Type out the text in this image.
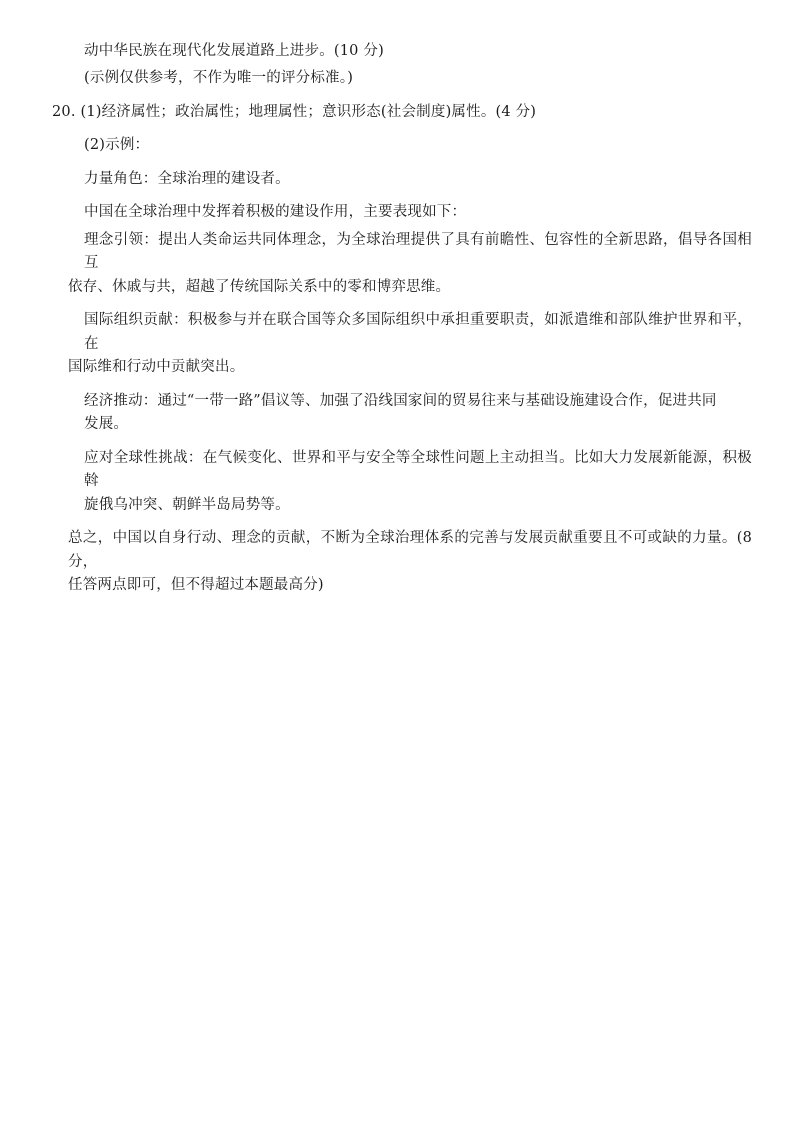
动中华民族在现代化发展道路上进步。(10 分)
(示例仅供参考，不作为唯一的评分标准。)
20. (1)经济属性；政治属性；地理属性；意识形态(社会制度)属性。(4 分)
(2)示例：
力量角色：全球治理的建设者。
中国在全球治理中发挥着积极的建设作用，主要表现如下：
理念引领：提出人类命运共同体理念，为全球治理提供了具有前瞻性、包容性的全新思路，倡导各国相互
依存、休戚与共，超越了传统国际关系中的零和博弈思维。
国际组织贡献：积极参与并在联合国等众多国际组织中承担重要职责，如派遣维和部队维护世界和平，在
国际维和行动中贡献突出。
经济推动：通过“一带一路”倡议等、加强了沿线国家间的贸易往来与基础设施建设合作，促进共同
发展。
应对全球性挑战：在气候变化、世界和平与安全等全球性问题上主动担当。比如大力发展新能源，积极斡
旋俄乌冲突、朝鲜半岛局势等。
总之，中国以自身行动、理念的贡献，不断为全球治理体系的完善与发展贡献重要且不可或缺的力量。(8 分，
任答两点即可，但不得超过本题最高分)
